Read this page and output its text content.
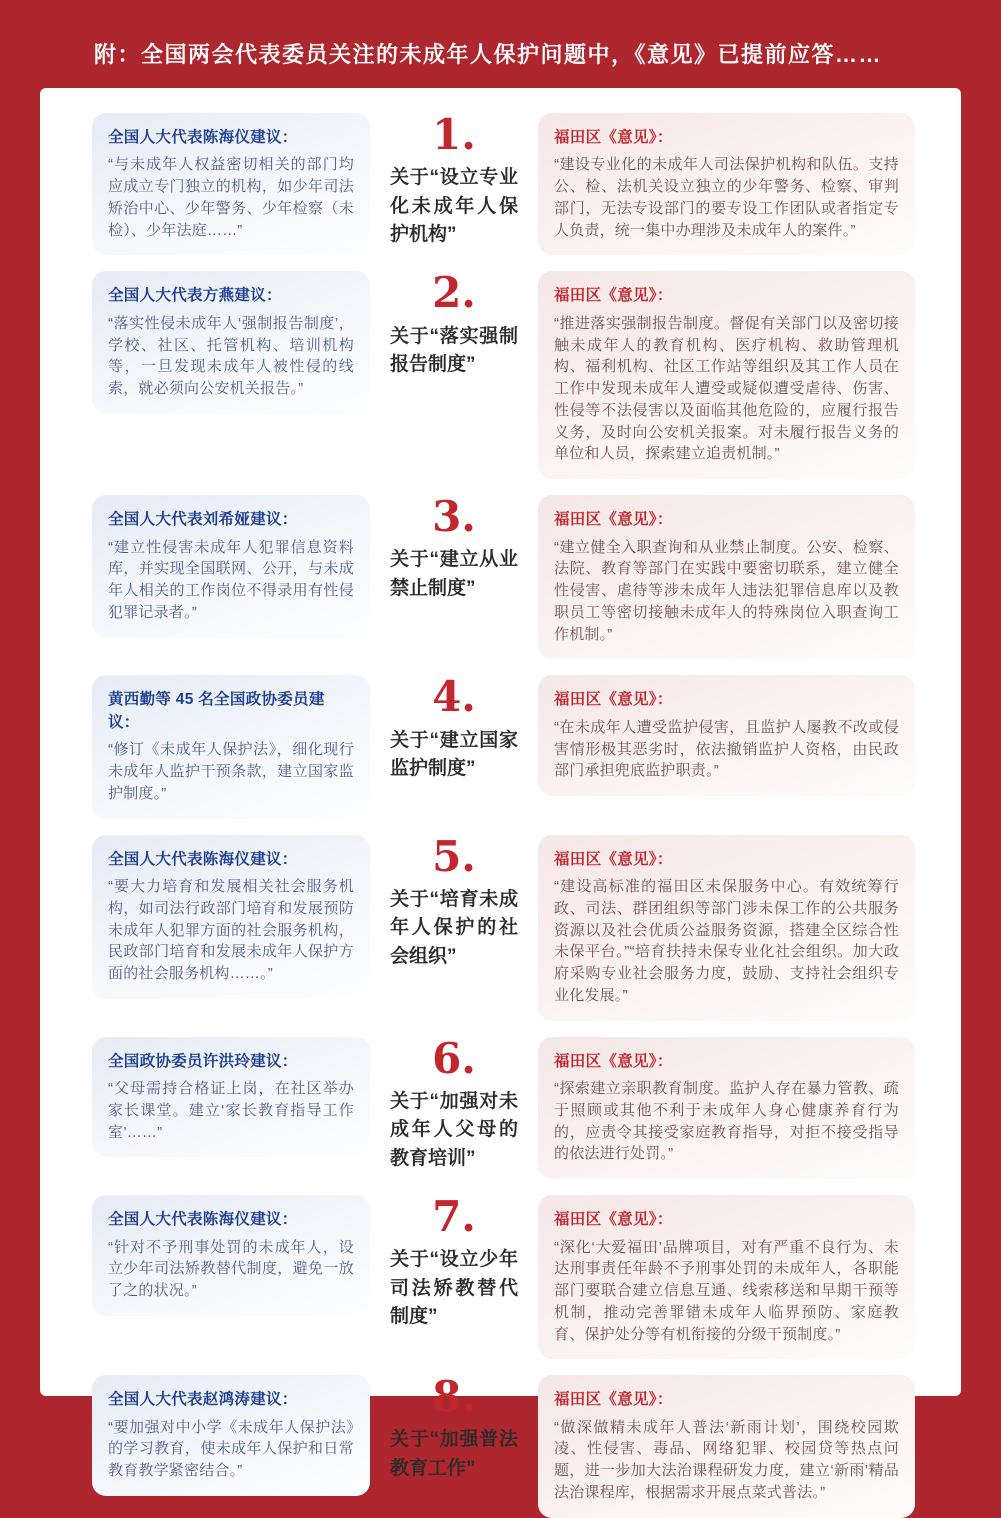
附：全国两会代表委员关注的未成年人保护问题中，《意见》已提前应答……
全国人大代表陈海仪建议：
“与未成年人权益密切相关的部门均应成立专门独立的机构，如少年司法矫治中心、少年警务、少年检察（未检）、少年法庭……”
1.
关于“设立专业化未成年人保护机构”
福田区《意见》：
“建设专业化的未成年人司法保护机构和队伍。支持公、检、法机关设立独立的少年警务、检察、审判部门，无法专设部门的要专设工作团队或者指定专人负责，统一集中办理涉及未成年人的案件。”
全国人大代表方燕建议：
“落实性侵未成年人‘强制报告制度’，学校、社区、托管机构、培训机构等，一旦发现未成年人被性侵的线索，就必须向公安机关报告。”
2.
关于“落实强制报告制度”
福田区《意见》：
“推进落实强制报告制度。督促有关部门以及密切接触未成年人的教育机构、医疗机构、救助管理机构、福利机构、社区工作站等组织及其工作人员在工作中发现未成年人遭受或疑似遭受虐待、伤害、性侵等不法侵害以及面临其他危险的，应履行报告义务，及时向公安机关报案。对未履行报告义务的单位和人员，探索建立追责机制。”
全国人大代表刘希娅建议：
“建立性侵害未成年人犯罪信息资料库，并实现全国联网、公开，与未成年人相关的工作岗位不得录用有性侵犯罪记录者。”
3.
关于“建立从业禁止制度”
福田区《意见》：
“建立健全入职查询和从业禁止制度。公安、检察、法院、教育等部门在实践中要密切联系，建立健全性侵害、虐待等涉未成年人违法犯罪信息库以及教职员工等密切接触未成年人的特殊岗位入职查询工作机制。”
黄西勤等 45 名全国政协委员建议：
“修订《未成年人保护法》，细化现行未成年人监护干预条款，建立国家监护制度。”
4.
关于“建立国家监护制度”
福田区《意见》：
“在未成年人遭受监护侵害，且监护人屡教不改或侵害情形极其恶劣时，依法撤销监护人资格，由民政部门承担兜底监护职责。”
全国人大代表陈海仪建议：
“要大力培育和发展相关社会服务机构，如司法行政部门培育和发展预防未成年人犯罪方面的社会服务机构，民政部门培育和发展未成年人保护方面的社会服务机构……。”
5.
关于“培育未成年人保护的社会组织”
福田区《意见》：
“建设高标准的福田区未保服务中心。有效统筹行政、司法、群团组织等部门涉未保工作的公共服务资源以及社会优质公益服务资源，搭建全区综合性未保平台。”“培育扶持未保专业化社会组织。加大政府采购专业社会服务力度，鼓励、支持社会组织专业化发展。”
全国政协委员许洪玲建议：
“父母需持合格证上岗，在社区举办家长课堂。建立‘家长教育指导工作室’……”
6.
关于“加强对未成年人父母的教育培训”
福田区《意见》：
“探索建立亲职教育制度。监护人存在暴力管教、疏于照顾或其他不利于未成年人身心健康养育行为的，应责令其接受家庭教育指导，对拒不接受指导的依法进行处罚。”
全国人大代表陈海仪建议：
“针对不予刑事处罚的未成年人，设立少年司法矫教替代制度，避免一放了之的状况。”
7.
关于“设立少年司法矫教替代制度”
福田区《意见》：
“深化‘大爱福田’品牌项目，对有严重不良行为、未达刑事责任年龄不予刑事处罚的未成年人，各职能部门要联合建立信息互通、线索移送和早期干预等机制，推动完善罪错未成年人临界预防、家庭教育、保护处分等有机衔接的分级干预制度。”
全国人大代表赵鸿涛建议：
“要加强对中小学《未成年人保护法》的学习教育，使未成年人保护和日常教育教学紧密结合。”
8.
关于“加强普法教育工作”
福田区《意见》：
“做深做精未成年人普法‘新雨计划’，围绕校园欺凌、性侵害、毒品、网络犯罪、校园贷等热点问题，进一步加大法治课程研发力度，建立‘新雨’精品法治课程库，根据需求开展点菜式普法。”
